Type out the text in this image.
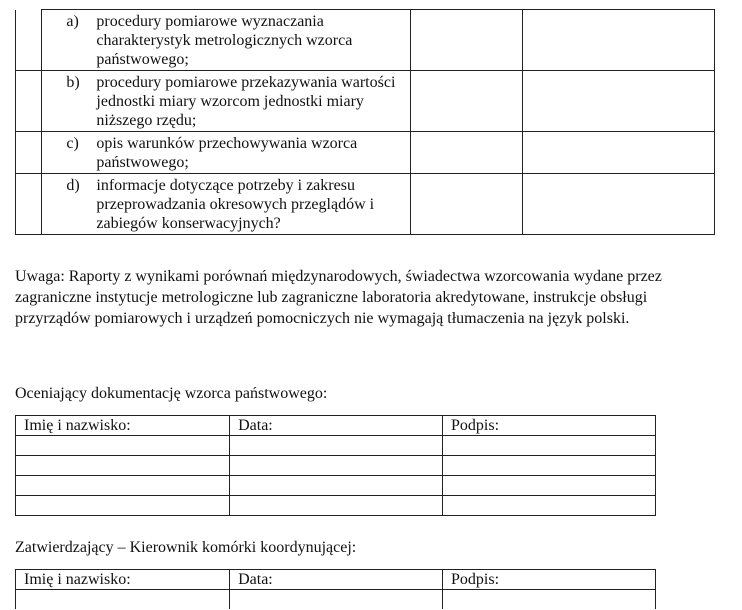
	a) procedury pomiarowe wyznaczania charakterystyk metrologicznych wzorca państwowego;		

	b) procedury pomiarowe przekazywania wartości jednostki miary wzorcom jednostki miary niższego rzędu;		

	c) opis warunków przechowywania wzorca państwowego;		

	d) informacje dotyczące potrzeby i zakresu przeprowadzania okresowych przeglądów i zabiegów konserwacyjnych?		

Uwaga: Raporty z wynikami porównań międzynarodowych, świadectwa wzorcowania wydane przez zagraniczne instytucje metrologiczne lub zagraniczne laboratoria akredytowane, instrukcje obsługi przyrządów pomiarowych i urządzeń pomocniczych nie wymagają tłumaczenia na język polski.
Oceniający dokumentację wzorca państwowego:
Imię i nazwisko:	Data:	Podpis:

Zatwierdzający – Kierownik komórki koordynującej:
Imię i nazwisko:	Data:	Podpis:
